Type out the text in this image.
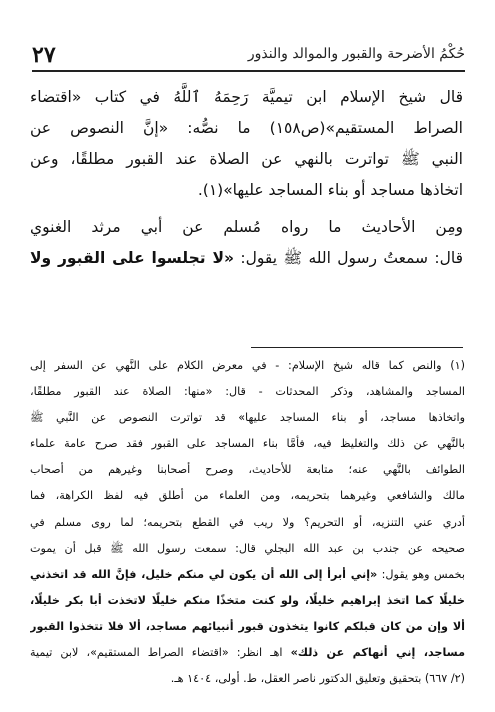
٢٧	حُكْمُ الأضرحة والقبور والموالد والنذور

قال شيخ الإسلام ابن تيميَّة رَحِمَهُ ٱللَّهُ في كتاب «اقتضاء
الصراط المستقيم»(ص١٥٨) ما نصُّه: «إنَّ النصوص عن
النبي ﷺ تواترت بالنهي عن الصلاة عند القبور مطلقًا، وعن
اتخاذها مساجد أو بناء المساجد عليها»(١).

ومِن الأحاديث ما رواه مُسلم عن أبي مرثد الغنوي
قال: سمعتُ رسول الله ﷺ يقول: «لا تجلسوا على القبور ولا

(١) والنص كما قاله شيخ الإسلام: - في معرض الكلام على النَّهي عن السفر إلى
المساجد والمشاهد، وذكر المحدثات - قال: «منها: الصلاة عند القبور مطلقًا،
واتخاذها مساجد، أو بناء المساجد عليها» قد تواترت النصوص عن النَّبي ﷺ
بالنَّهي عن ذلك والتغليظ فيه، فأمَّا بناء المساجد على القبور فقد صرح عامة علماء
الطوائف بالنَّهي عنه؛ متابعة للأحاديث، وصرح أصحابنا وغيرهم من أصحاب
مالك والشافعي وغيرهما بتحريمه، ومن العلماء من أطلق فيه لفظ الكراهة، فما
أدري عني التنزيه، أو التحريم؟ ولا ريب في القطع بتحريمه؛ لما روى مسلم في
صحيحه عن جندب بن عبد الله البجلي قال: سمعت رسول الله ﷺ قبل أن يموت
بخمس وهو يقول: «إني أبرأ إلى الله أن يكون لي منكم خليل، فإنَّ الله قد اتخذني
خليلًا كما اتخذ إبراهيم خليلًا، ولو كنت متخذًا منكم خليلًا لاتخذت أبا بكر خليلًا،
ألا وإن من كان قبلكم كانوا يتخذون قبور أنبيائهم مساجد، ألا فلا تتخذوا القبور
مساجد، إني أنهاكم عن ذلك» اهـ انظر: «اقتضاء الصراط المستقيم»، لابن تيمية
(٢/ ٦٦٧) بتحقيق وتعليق الدكتور ناصر العقل، ط. أولى، ١٤٠٤ هـ.
